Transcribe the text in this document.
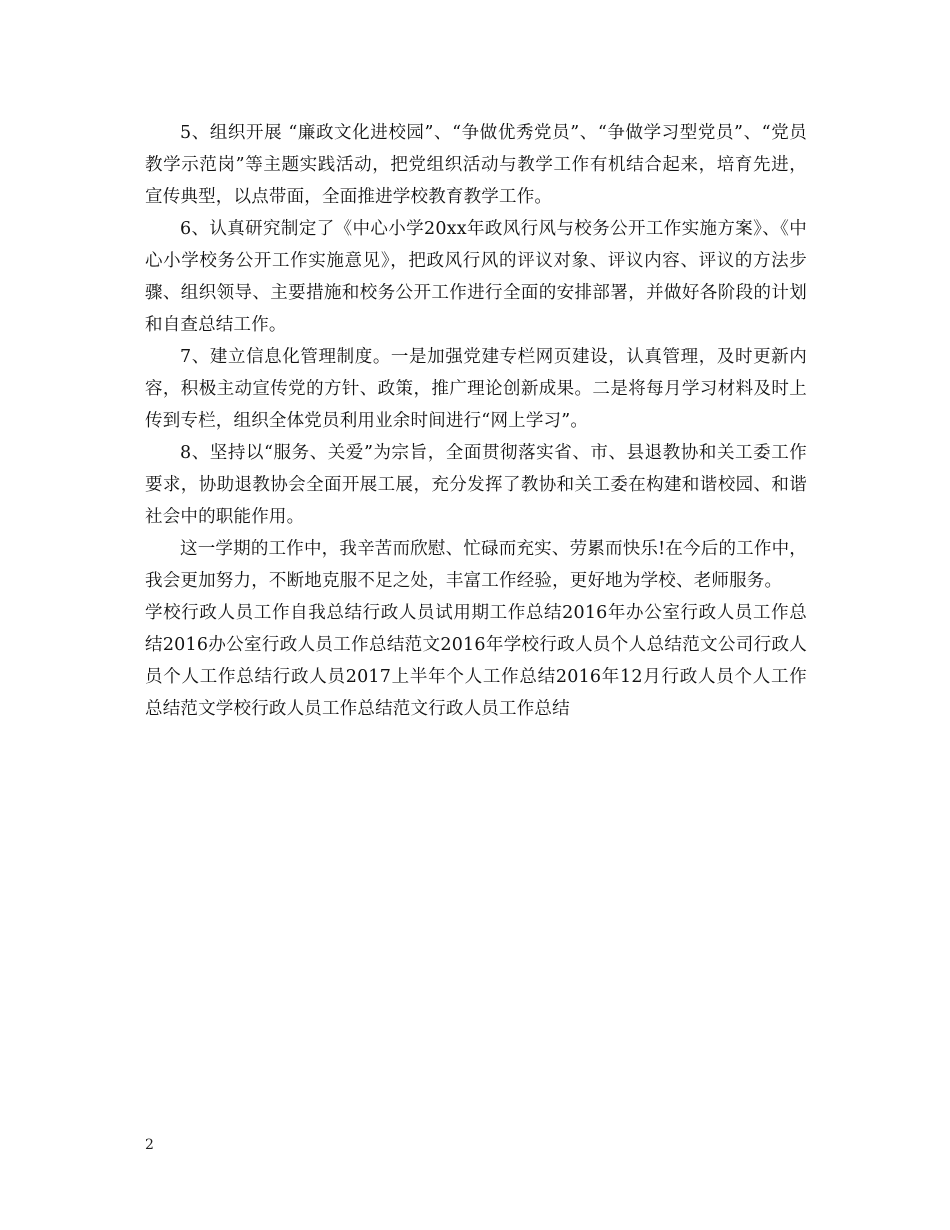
5、组织开展 “廉政文化进校园”、“争做优秀党员”、“争做学习型党员”、“党员教学示范岗”等主题实践活动，把党组织活动与教学工作有机结合起来，培育先进，宣传典型，以点带面，全面推进学校教育教学工作。

6、认真研究制定了《中心小学20xx年政风行风与校务公开工作实施方案》、《中心小学校务公开工作实施意见》，把政风行风的评议对象、评议内容、评议的方法步骤、组织领导、主要措施和校务公开工作进行全面的安排部署，并做好各阶段的计划和自查总结工作。

7、建立信息化管理制度。一是加强党建专栏网页建设，认真管理，及时更新内容，积极主动宣传党的方针、政策，推广理论创新成果。二是将每月学习材料及时上传到专栏，组织全体党员利用业余时间进行“网上学习”。

8、坚持以“服务、关爱”为宗旨，全面贯彻落实省、市、县退教协和关工委工作要求，协助退教协会全面开展工展，充分发挥了教协和关工委在构建和谐校园、和谐社会中的职能作用。

这一学期的工作中，我辛苦而欣慰、忙碌而充实、劳累而快乐!在今后的工作中，我会更加努力，不断地克服不足之处，丰富工作经验，更好地为学校、老师服务。

学校行政人员工作自我总结行政人员试用期工作总结2016年办公室行政人员工作总结2016办公室行政人员工作总结范文2016年学校行政人员个人总结范文公司行政人员个人工作总结行政人员2017上半年个人工作总结2016年12月行政人员个人工作总结范文学校行政人员工作总结范文行政人员工作总结

2
